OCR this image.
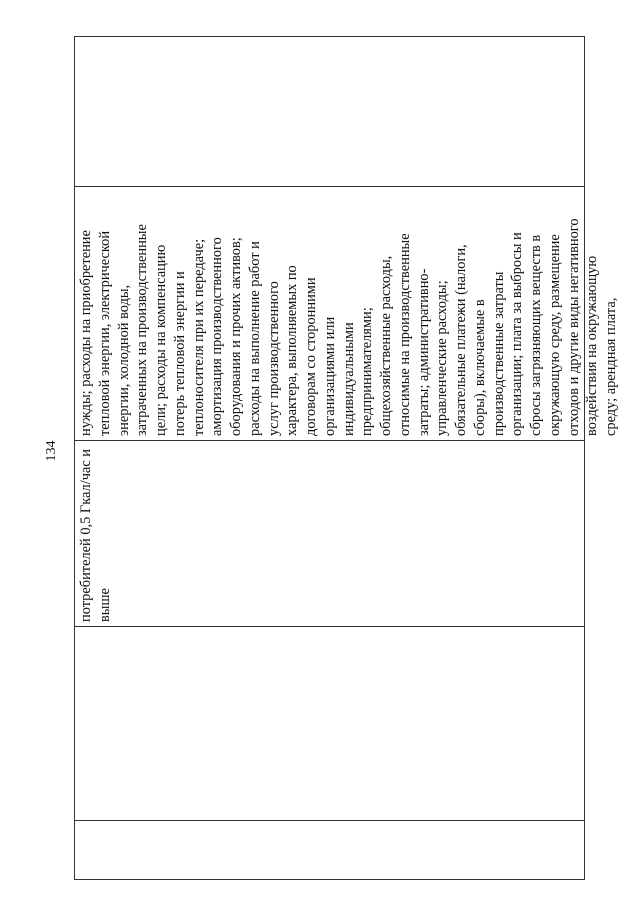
134 потребителей 0,5 Гкал/час и выше
нужды; расходы на приобретение тепловой энергии, электрической энергии, холодной воды, затраченных на производственные цели; расходы на компенсацию потерь тепловой энергии и теплоносителя при их передаче; амортизация производственного оборудования и прочих активов; расходы на выполнение работ и услуг производственного характера, выполняемых по договорам со сторонними организациями или индивидуальными предпринимателями; общехозяйственные расходы, относимые на производственные затраты; административно- управленческие расходы; обязательные платежи (налоги, сборы), включаемые в производственные затраты организации; плата за выбросы и сбросы загрязняющих веществ в окружающую среду, размещение отходов и другие виды негативного воздействия на окружающую среду; арендная плата,
